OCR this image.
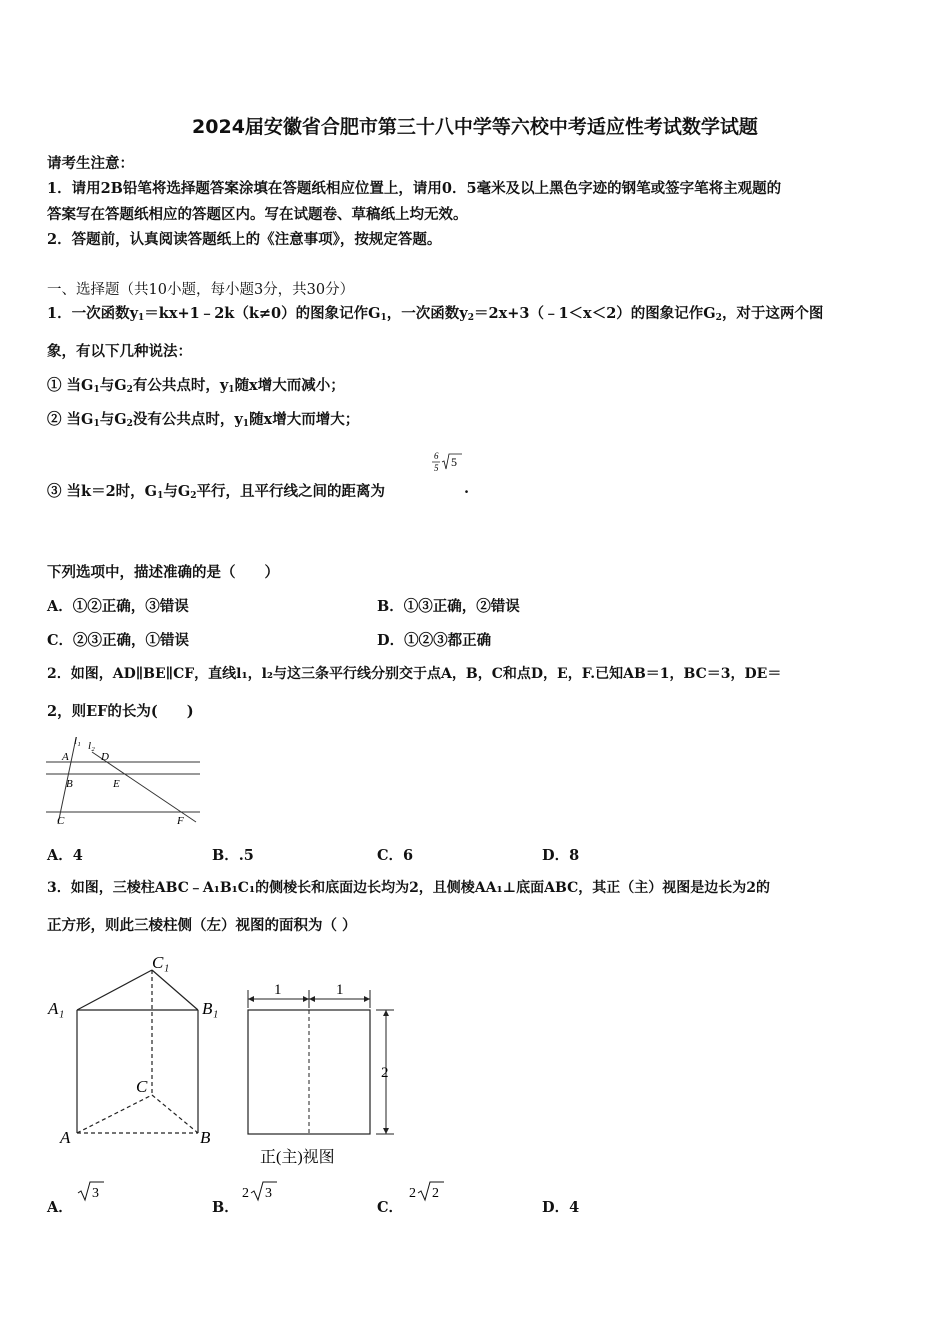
2024届安徽省合肥市第三十八中学等六校中考适应性考试数学试题
请考生注意：
1．请用2B铅笔将选择题答案涂填在答题纸相应位置上，请用0．5毫米及以上黑色字迹的钢笔或签字笔将主观题的
答案写在答题纸相应的答题区内。写在试题卷、草稿纸上均无效。
2．答题前，认真阅读答题纸上的《注意事项》，按规定答题。
一、选择题（共10小题，每小题3分，共30分）
1．一次函数$y_1=kx+1﹣2k(k\ne 0)$的图象记作$G_1$，一次函数$y_2=2x+3(﹣1<x<2)$的图象记作$G_2$，对于这两个图
象，有以下几种说法：
① 当$G_1$与$G_2$有公共点时，$y_1$随x增大而减小；
② 当$G_1$与$G_2$没有公共点时，$y_1$随x增大而增大；
③ 当k＝2时，$G_1$与$G_2$平行，且平行线之间的距离为
6
5 5
.
下列选项中，描述准确的是（　　）
A．①②正确，③错误	B．①③正确，②错误
C．②③正确，①错误	D．①②③都正确
2．如图，AD∥BE∥CF，直线l₁，l₂与这三条平行线分别交于点A，B，C和点D，E，F.已知AB＝1，BC＝3，DE＝
2，则EF的长为(　　)
l₁ l₂
A	D
B	E
C	F
A．4	B．.5	C．6	D．8
3．如图，三棱柱ABC﹣A₁B₁C₁的侧棱长和底面边长均为2，且侧棱AA₁⊥底面ABC，其正（主）视图是边长为2的
正方形，则此三棱柱侧（左）视图的面积为（ ）
C₁
A₁	B₁
C
A	B
1	1
2
正(主)视图
A．
3
B．
2 3
C．
2 2
D．4
